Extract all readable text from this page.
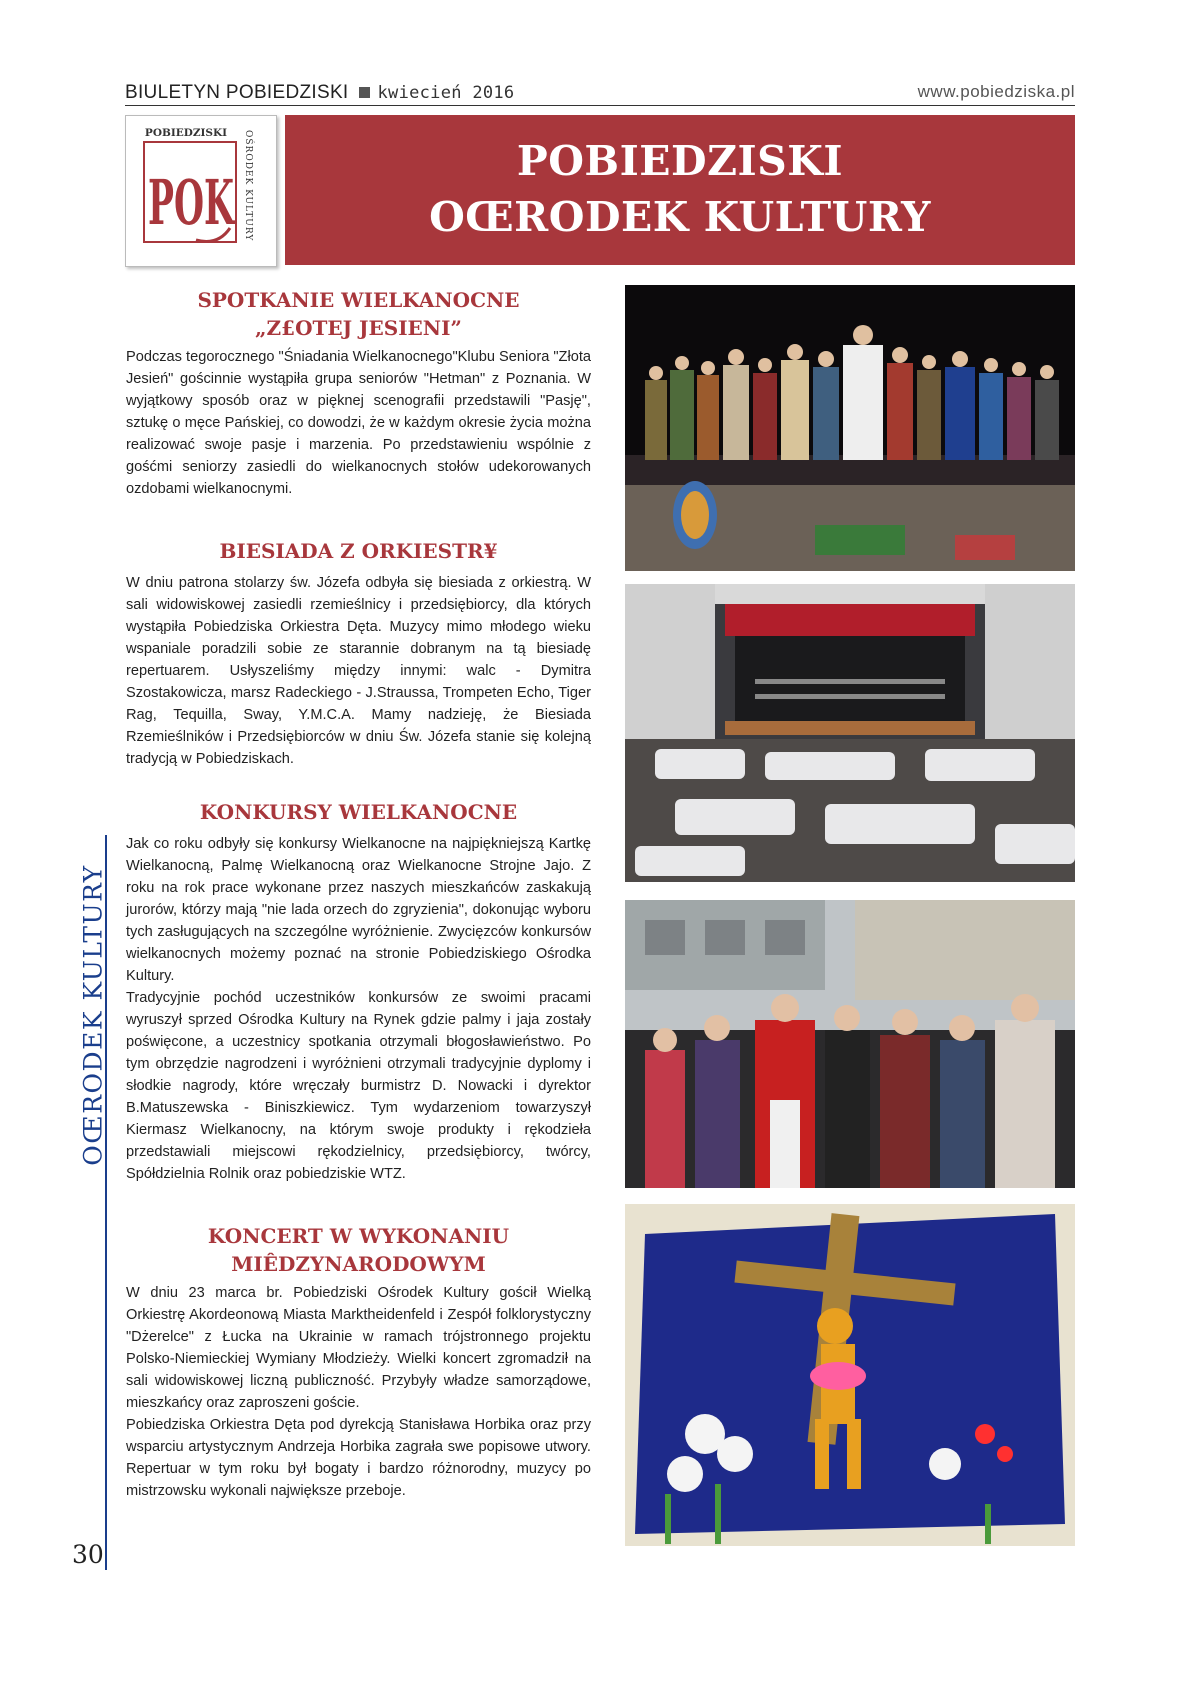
BIULETYN POBIEDZISKI kwiecień 2016	www.pobiedziska.pl
POBIEDZISKI OŚRODEK KULTURY
POK
POBIEDZISKI
OŒRODEK KULTURY
OŒRODEK KULTURY
30
SPOTKANIE WIELKANOCNE
„Z£OTEJ JESIENI”

Podczas tegorocznego "Śniadania Wielkanocnego"Klubu Seniora "Złota Jesień" gościnnie wystąpiła grupa seniorów "Hetman" z Poznania. W wyjątkowy sposób oraz w pięknej scenografii przedstawili "Pasję", sztukę o męce Pańskiej, co dowodzi, że w każdym okresie życia można realizować swoje pasje i marzenia. Po przedstawieniu wspólnie z gośćmi seniorzy zasiedli do wielkanocnych stołów udekorowanych ozdobami wielkanocnymi.

BIESIADA Z ORKIESTR¥

W dniu patrona stolarzy św. Józefa odbyła się biesiada z orkiestrą. W sali widowiskowej zasiedli rzemieślnicy i przedsiębiorcy, dla których wystąpiła Pobiedziska Orkiestra Dęta. Muzycy mimo młodego wieku wspaniale poradzili sobie ze starannie dobranym na tą biesiadę repertuarem. Usłyszeliśmy między innymi: walc - Dymitra Szostakowicza, marsz Radeckiego - J.Straussa, Trompeten Echo, Tiger Rag, Tequilla, Sway, Y.M.C.A. Mamy nadzieję, że Biesiada Rzemieślników i Przedsiębiorców w dniu Św. Józefa stanie się kolejną tradycją w Pobiedziskach.

KONKURSY WIELKANOCNE

Jak co roku odbyły się konkursy Wielkanocne na najpiękniejszą Kartkę Wielkanocną, Palmę Wielkanocną oraz Wielkanocne Strojne Jajo. Z roku na rok prace wykonane przez naszych mieszkańców zaskakują jurorów, którzy mają "nie lada orzech do zgryzienia", dokonując wyboru tych zasługujących na szczególne wyróżnienie. Zwycięzców konkursów wielkanocnych możemy poznać na stronie Pobiedziskiego Ośrodka Kultury.

Tradycyjnie pochód uczestników konkursów ze swoimi pracami wyruszył sprzed Ośrodka Kultury na Rynek gdzie palmy i jaja zostały poświęcone, a uczestnicy spotkania otrzymali błogosławieństwo. Po tym obrzędzie nagrodzeni i wyróżnieni otrzymali tradycyjnie dyplomy i słodkie nagrody, które wręczały burmistrz D. Nowacki i dyrektor B.Matuszewska - Biniszkiewicz. Tym wydarzeniom towarzyszył Kiermasz Wielkanocny, na którym swoje produkty i rękodzieła przedstawiali miejscowi rękodzielnicy, przedsiębiorcy, twórcy, Spółdzielnia Rolnik oraz pobiedziskie WTZ.

KONCERT W WYKONANIU
MIÊDZYNARODOWYM

W dniu 23 marca br. Pobiedziski Ośrodek Kultury gościł Wielką Orkiestrę Akordeonową Miasta Marktheidenfeld i Zespół folklorystyczny "Dżerelce" z Łucka na Ukrainie w ramach trójstronnego projektu Polsko-Niemieckiej Wymiany Młodzieży. Wielki koncert zgromadził na sali widowiskowej liczną publiczność. Przybyły władze samorządowe, mieszkańcy oraz zaproszeni goście.

Pobiedziska Orkiestra Dęta pod dyrekcją Stanisława Horbika oraz przy wsparciu artystycznym Andrzeja Horbika zagrała swe popisowe utwory. Repertuar w tym roku był bogaty i bardzo różnorodny, muzycy po mistrzowsku wykonali największe przeboje.
